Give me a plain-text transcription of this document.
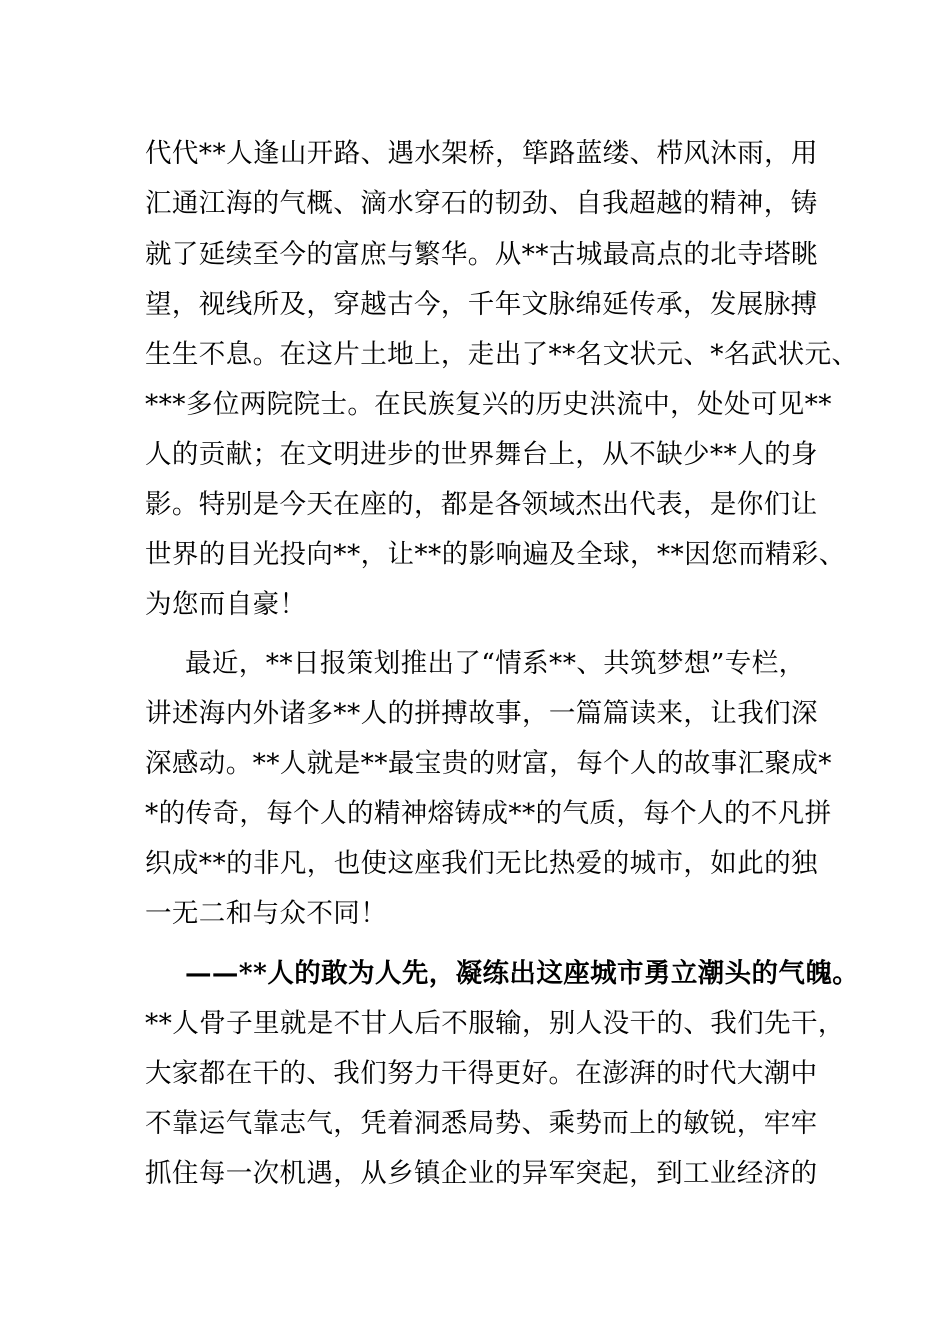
代代**人逢山开路、遇水架桥，筚路蓝缕、栉风沐雨，用
汇通江海的气概、滴水穿石的韧劲、自我超越的精神，铸
就了延续至今的富庶与繁华。从**古城最高点的北寺塔眺
望，视线所及，穿越古今，千年文脉绵延传承，发展脉搏
生生不息。在这片土地上，走出了**名文状元、*名武状元、
***多位两院院士。在民族复兴的历史洪流中，处处可见**
人的贡献；在文明进步的世界舞台上，从不缺少**人的身
影。特别是今天在座的，都是各领域杰出代表，是你们让
世界的目光投向**，让**的影响遍及全球，**因您而精彩、
为您而自豪！
最近，**日报策划推出了“情系**、共筑梦想”专栏，
讲述海内外诸多**人的拼搏故事，一篇篇读来，让我们深
深感动。**人就是**最宝贵的财富，每个人的故事汇聚成*
*的传奇，每个人的精神熔铸成**的气质，每个人的不凡拼
织成**的非凡，也使这座我们无比热爱的城市，如此的独
一无二和与众不同！
——**人的敢为人先，凝练出这座城市勇立潮头的气魄。
**人骨子里就是不甘人后不服输，别人没干的、我们先干，
大家都在干的、我们努力干得更好。在澎湃的时代大潮中
不靠运气靠志气，凭着洞悉局势、乘势而上的敏锐，牢牢
抓住每一次机遇，从乡镇企业的异军突起，到工业经济的
